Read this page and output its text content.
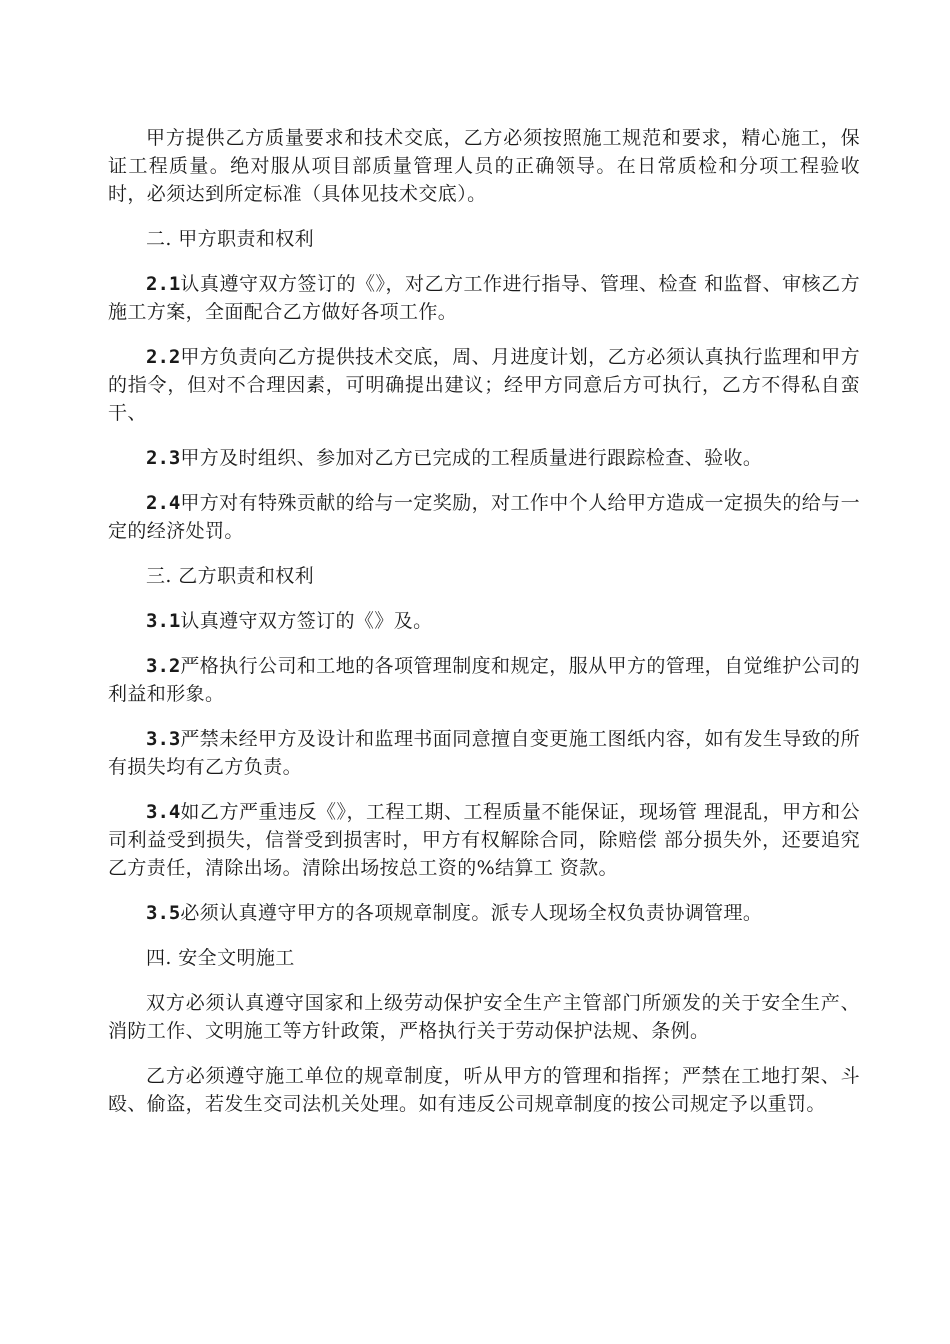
甲方提供乙方质量要求和技术交底，乙方必须按照施工规范和要求，精心施工，保证工程质量。绝对服从项目部质量管理人员的正确领导。在日常质检和分项工程验收时，必须达到所定标准（具体见技术交底）。

二. 甲方职责和权利

2.1认真遵守双方签订的《》，对乙方工作进行指导、管理、检查 和监督、审核乙方施工方案，全面配合乙方做好各项工作。

2.2甲方负责向乙方提供技术交底，周、月进度计划，乙方必须认真执行监理和甲方的指令，但对不合理因素，可明确提出建议；经甲方同意后方可执行，乙方不得私自蛮干、

2.3甲方及时组织、参加对乙方已完成的工程质量进行跟踪检查、验收。

2.4甲方对有特殊贡献的给与一定奖励，对工作中个人给甲方造成一定损失的给与一定的经济处罚。

三. 乙方职责和权利

3.1认真遵守双方签订的《》及。

3.2严格执行公司和工地的各项管理制度和规定，服从甲方的管理，自觉维护公司的利益和形象。

3.3严禁未经甲方及设计和监理书面同意擅自变更施工图纸内容，如有发生导致的所有损失均有乙方负责。

3.4如乙方严重违反《》，工程工期、工程质量不能保证，现场管 理混乱，甲方和公司利益受到损失，信誉受到损害时，甲方有权解除合同，除赔偿 部分损失外，还要追究乙方责任，清除出场。清除出场按总工资的%结算工 资款。

3.5必须认真遵守甲方的各项规章制度。派专人现场全权负责协调管理。

四. 安全文明施工

双方必须认真遵守国家和上级劳动保护安全生产主管部门所颁发的关于安全生产、消防工作、文明施工等方针政策，严格执行关于劳动保护法规、条例。

乙方必须遵守施工单位的规章制度，听从甲方的管理和指挥；严禁在工地打架、斗殴、偷盗，若发生交司法机关处理。如有违反公司规章制度的按公司规定予以重罚。
